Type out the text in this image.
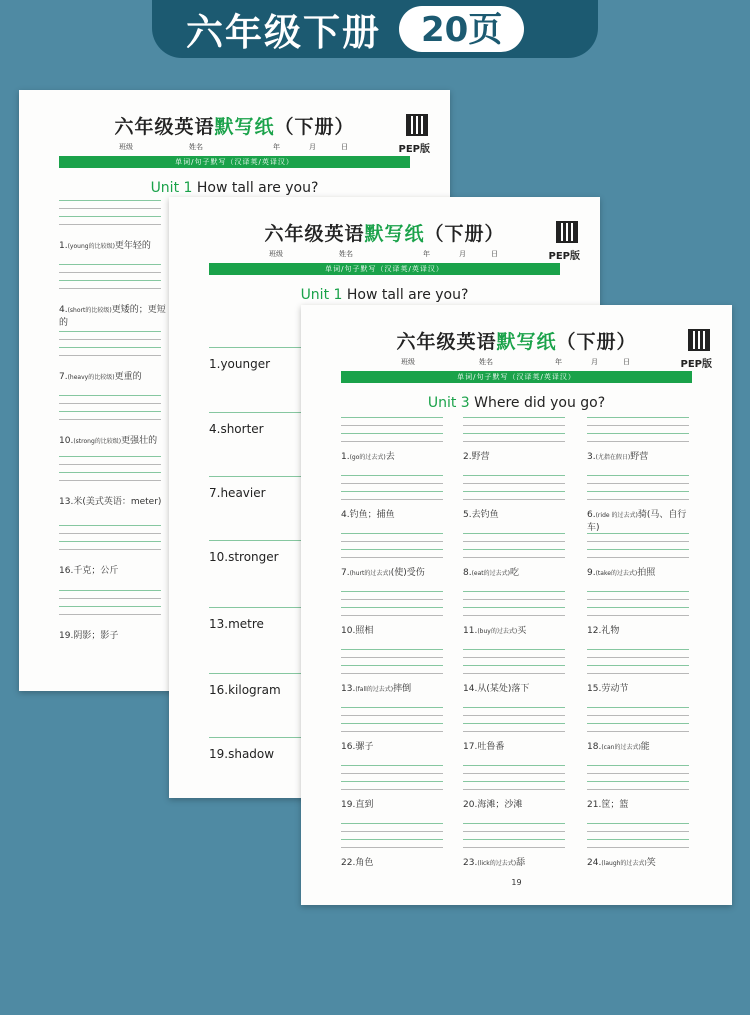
六年级下册	20页
六年级英语默写纸（下册）
PEP版
班级	姓名	年	月	日
单词/句子默写（汉译英/英译汉）
Unit 1 How tall are you?
1.(young的比较级)更年轻的
4.(short的比较级)更矮的；更短的
7.(heavy的比较级)更重的
10.(strong的比较级)更强壮的
13.米(美式英语：meter)
16.千克；公斤
19.阴影；影子
六年级英语默写纸（下册）
PEP版
班级	姓名	年	月	日
单词/句子默写（汉译英/英译汉）
Unit 1 How tall are you?
1.younger
4.shorter
7.heavier
10.stronger
13.metre
16.kilogram
19.shadow
六年级英语默写纸（下册）
PEP版
班级	姓名	年	月	日
单词/句子默写（汉译英/英译汉）
Unit 3 Where did you go?
1.(go的过去式)去	2.野营	3.(尤指在假日)野营
4.钓鱼；捕鱼	5.去钓鱼	6.(ride 的过去式)骑(马、自行车)
7.(hurt的过去式)(使)受伤	8.(eat的过去式)吃	9.(take的过去式)拍照
10.照相	11.(buy的过去式)买	12.礼物
13.(fall的过去式)摔倒	14.从(某处)落下	15.劳动节
16.骡子	17.吐鲁番	18.(can的过去式)能
19.直到	20.海滩；沙滩	21.筐；篮
22.角色	23.(lick的过去式)舔	24.(laugh的过去式)笑
19
